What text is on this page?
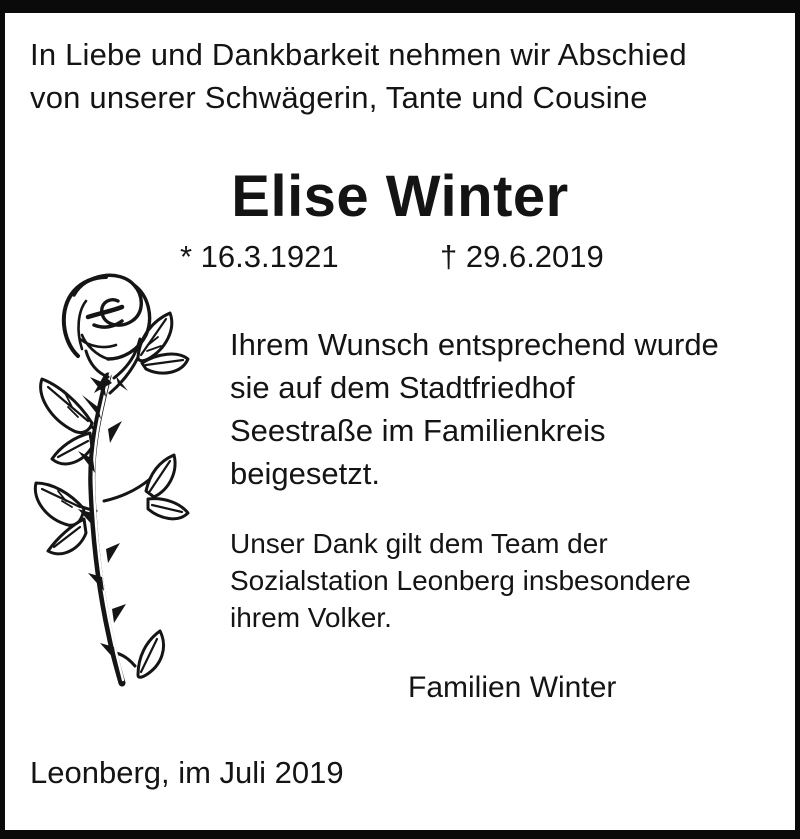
In Liebe und Dankbarkeit nehmen wir Abschied
von unserer Schwägerin, Tante und Cousine
Elise Winter
* 16.3.1921	† 29.6.2019
Ihrem Wunsch entsprechend wurde
sie auf dem Stadtfriedhof
Seestraße im Familienkreis
beigesetzt.
Unser Dank gilt dem Team der
Sozialstation Leonberg insbesondere
ihrem Volker.
Familien Winter
Leonberg, im Juli 2019
